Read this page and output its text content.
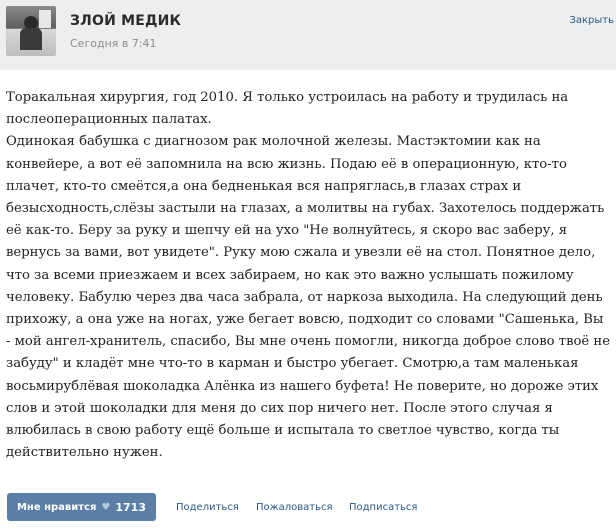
ЗЛОЙ МЕДИК
Сегодня в 7:41
Закрыть
Торакальная хирургия, год 2010. Я только устроилась на работу и трудилась на послеоперационных палатах.
Одинокая бабушка с диагнозом рак молочной железы. Мастэктомии как на конвейере, а вот её запомнила на всю жизнь. Подаю её в операционную, кто-то плачет, кто-то смеётся,а она бедненькая вся напряглась,в глазах страх и безысходность,слёзы застыли на глазах, а молитвы на губах. Захотелось поддержать её как-то. Беру за руку и шепчу ей на ухо "Не волнуйтесь, я скоро вас заберу, я вернусь за вами, вот увидете". Руку мою сжала и увезли её на стол. Понятное дело, что за всеми приезжаем и всех забираем, но как это важно услышать пожилому человеку. Бабулю через два часа забрала, от наркоза выходила. На следующий день прихожу, а она уже на ногах, уже бегает вовсю, подходит со словами "Сашенька, Вы - мой ангел-хранитель, спасибо, Вы мне очень помогли, никогда доброе слово твоё не забуду" и кладёт мне что-то в карман и быстро убегает. Смотрю,а там маленькая восьмирублёвая шоколадка Алёнка из нашего буфета! Не поверите, но дороже этих слов и этой шоколадки для меня до сих пор ничего нет. После этого случая я влюбилась в свою работу ещё больше и испытала то светлое чувство, когда ты действительно нужен.
Мне нравится ♥ 1713	Поделиться Пожаловаться Подписаться
